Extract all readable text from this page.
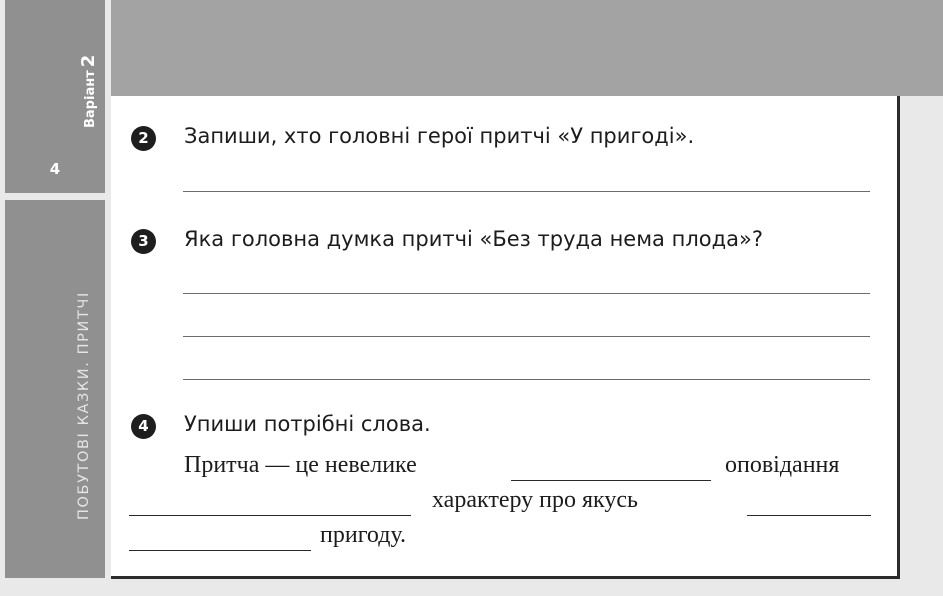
Варіант2
4
ПОБУТОВІ КАЗКИ. ПРИТЧІ
2	Запиши, хто головні герої притчі «У пригоді».
3	Яка головна думка притчі «Без труда нема плода»?
4	Упиши потрібні слова.
Притча — це невелике	оповідання
характеру про якусь
пригоду.
